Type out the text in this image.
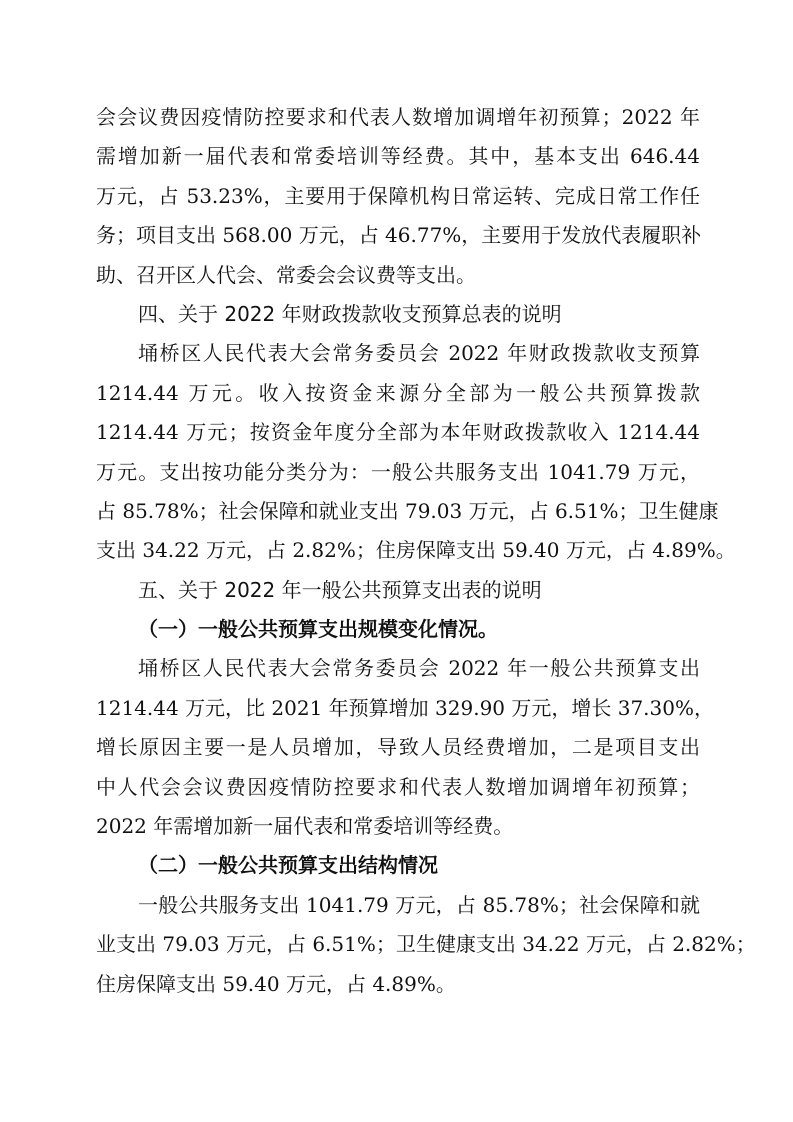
会会议费因疫情防控要求和代表人数增加调增年初预算；2022 年
需增加新一届代表和常委培训等经费。其中，基本支出 646.44
万元，占 53.23%，主要用于保障机构日常运转、完成日常工作任
务；项目支出 568.00 万元，占 46.77%，主要用于发放代表履职补
助、召开区人代会、常委会会议费等支出。
四、关于 2022 年财政拨款收支预算总表的说明
埇桥区人民代表大会常务委员会 2022 年财政拨款收支预算
1214.44 万元。收入按资金来源分全部为一般公共预算拨款
1214.44 万元；按资金年度分全部为本年财政拨款收入 1214.44
万元。支出按功能分类分为：一般公共服务支出 1041.79 万元，
占 85.78%；社会保障和就业支出 79.03 万元，占 6.51%；卫生健康
支出 34.22 万元，占 2.82%；住房保障支出 59.40 万元，占 4.89%。
五、关于 2022 年一般公共预算支出表的说明
（一）一般公共预算支出规模变化情况。
埇桥区人民代表大会常务委员会 2022 年一般公共预算支出
1214.44 万元，比 2021 年预算增加 329.90 万元，增长 37.30%，
增长原因主要一是人员增加，导致人员经费增加，二是项目支出
中人代会会议费因疫情防控要求和代表人数增加调增年初预算；
2022 年需增加新一届代表和常委培训等经费。
（二）一般公共预算支出结构情况
一般公共服务支出 1041.79 万元，占 85.78%；社会保障和就
业支出 79.03 万元，占 6.51%；卫生健康支出 34.22 万元，占 2.82%；
住房保障支出 59.40 万元，占 4.89%。
